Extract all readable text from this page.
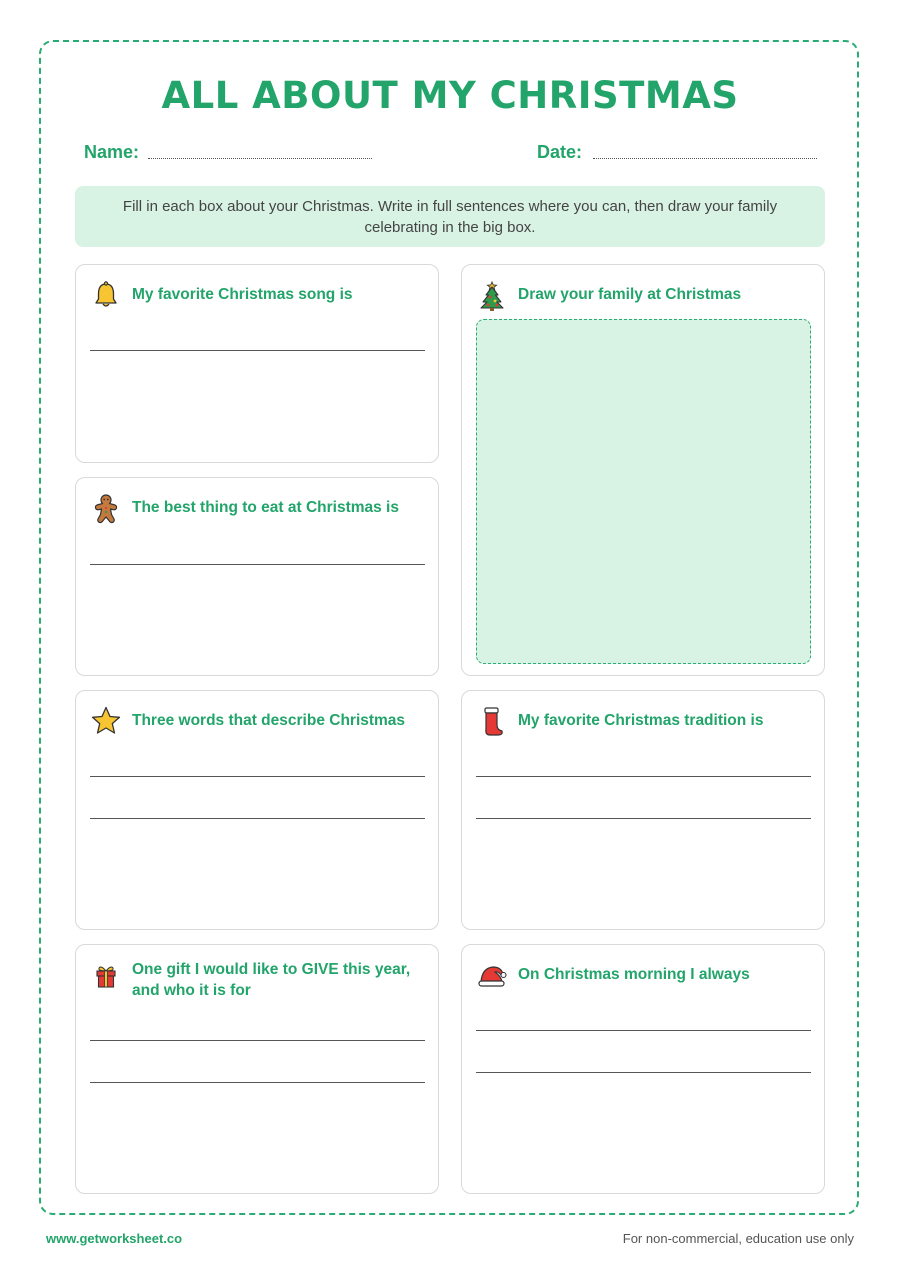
ALL ABOUT MY CHRISTMAS
Name:	Date:
Fill in each box about your Christmas. Write in full sentences where you can, then draw your family celebrating in the big box.
My favorite Christmas song is	Draw your family at Christmas
The best thing to eat at Christmas is
Three words that describe Christmas	My favorite Christmas tradition is
One gift I would like to GIVE this year, and who it is for
On Christmas morning I always
www.getworksheet.co	For non-commercial, education use only
